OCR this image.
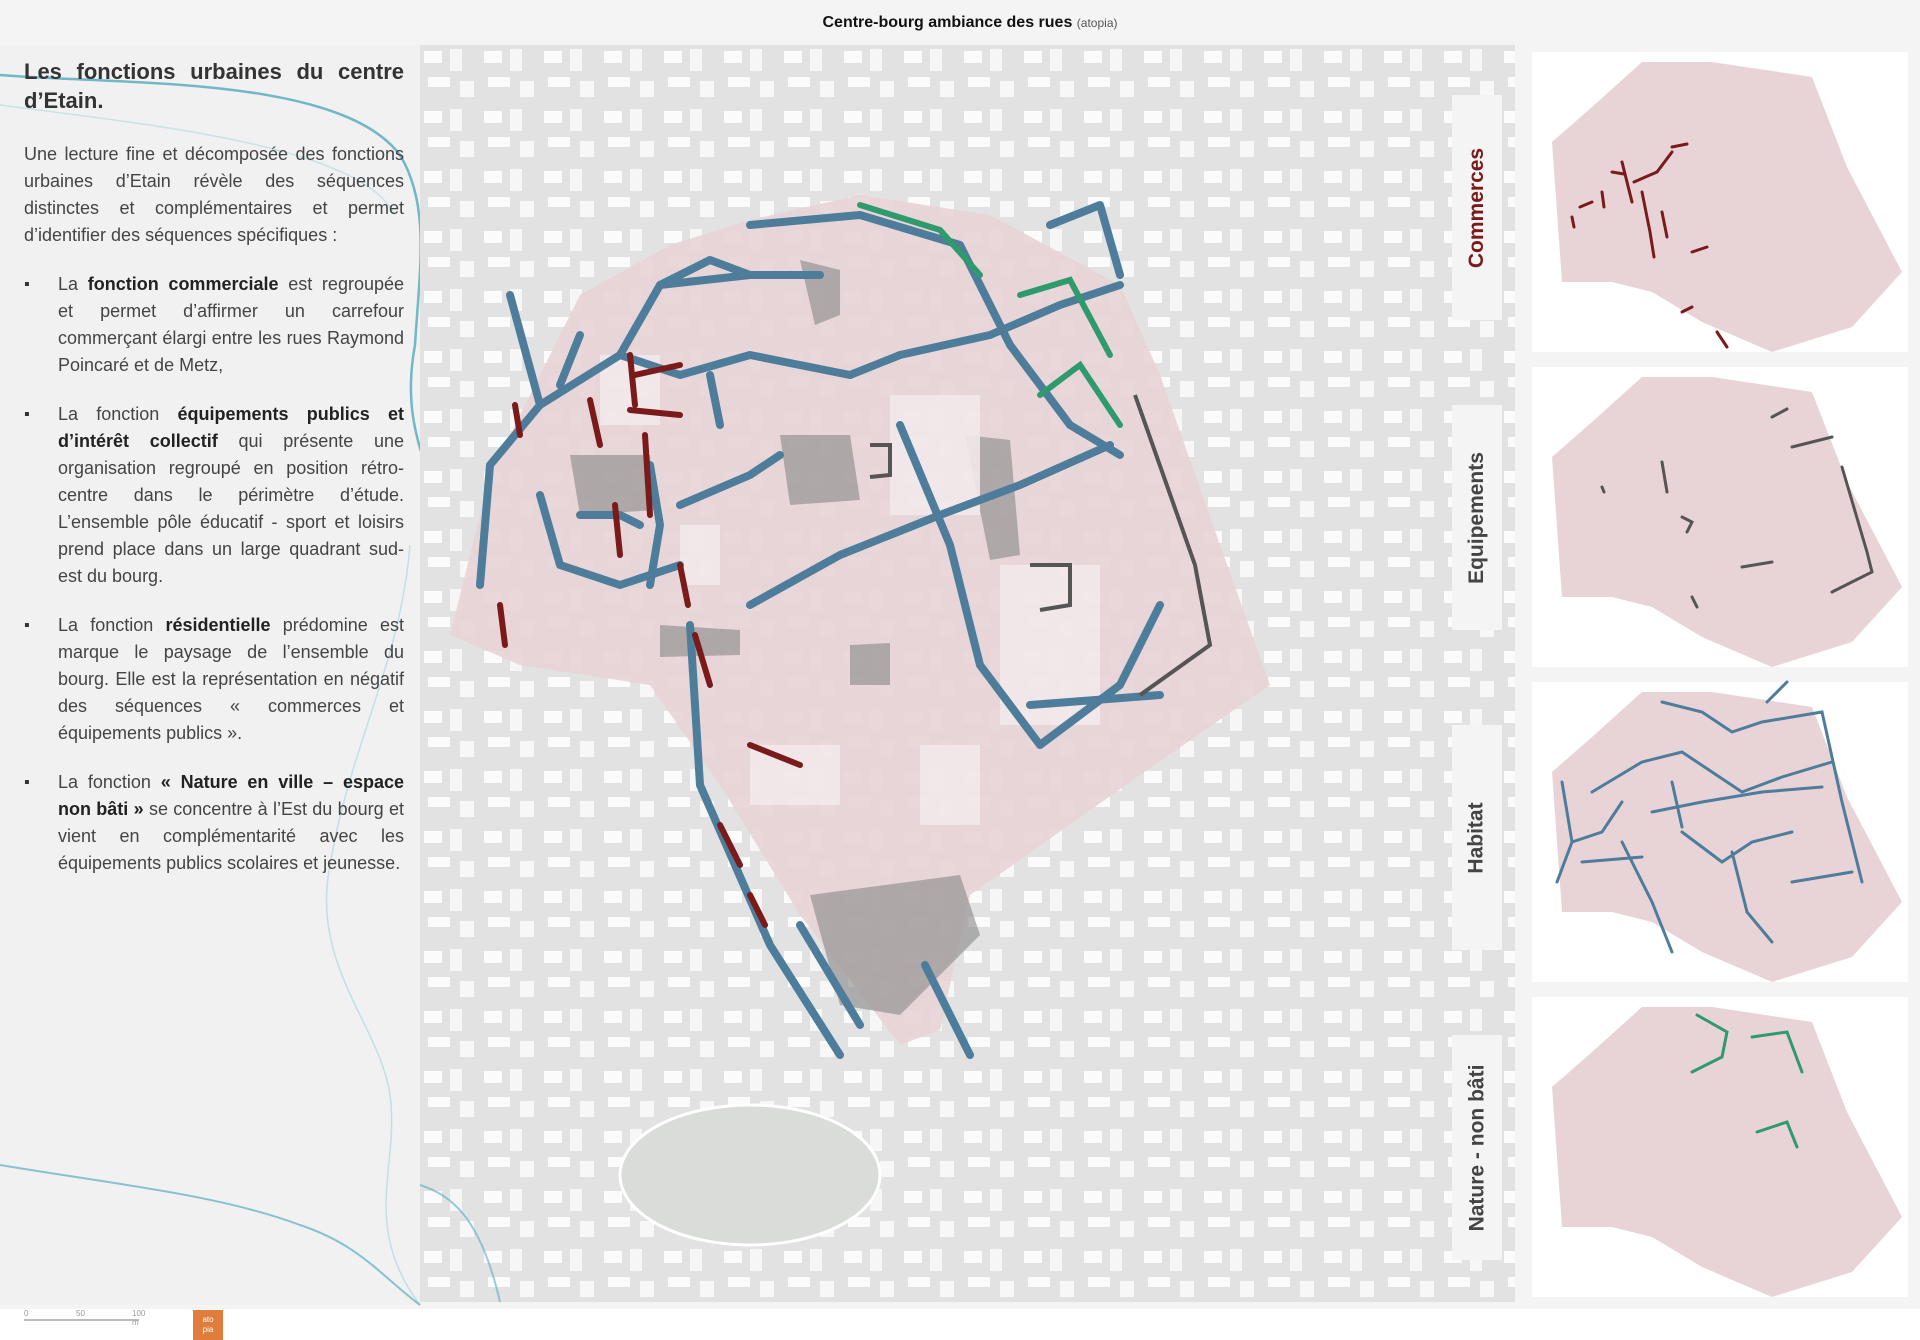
Centre-bourg ambiance des rues (atopia)
Les fonctions urbaines du centre d’Etain.
Une lecture fine et décomposée des fonctions urbaines d’Etain révèle des séquences distinctes et complémentaires et permet d’identifier des séquences spécifiques :
▪ La fonction commerciale est regroupée et permet d’affirmer un carrefour commerçant élargi entre les rues Raymond Poincaré et de Metz,
▪ La fonction équipements publics et d’intérêt collectif qui présente une organisation regroupé en position rétro-centre dans le périmètre d’étude. L’ensemble pôle éducatif - sport et loisirs prend place dans un large quadrant sud-est du bourg.
▪ La fonction résidentielle prédomine est marque le paysage de l’ensemble du bourg. Elle est la représentation en négatif des séquences « commerces et équipements publics ».
▪ La fonction « Nature en ville – espace non bâti » se concentre à l’Est du bourg et vient en complémentarité avec les équipements publics scolaires et jeunesse.
0	50	100 m	ato
pia
Commerces
Equipements
Habitat
Nature - non bâti
